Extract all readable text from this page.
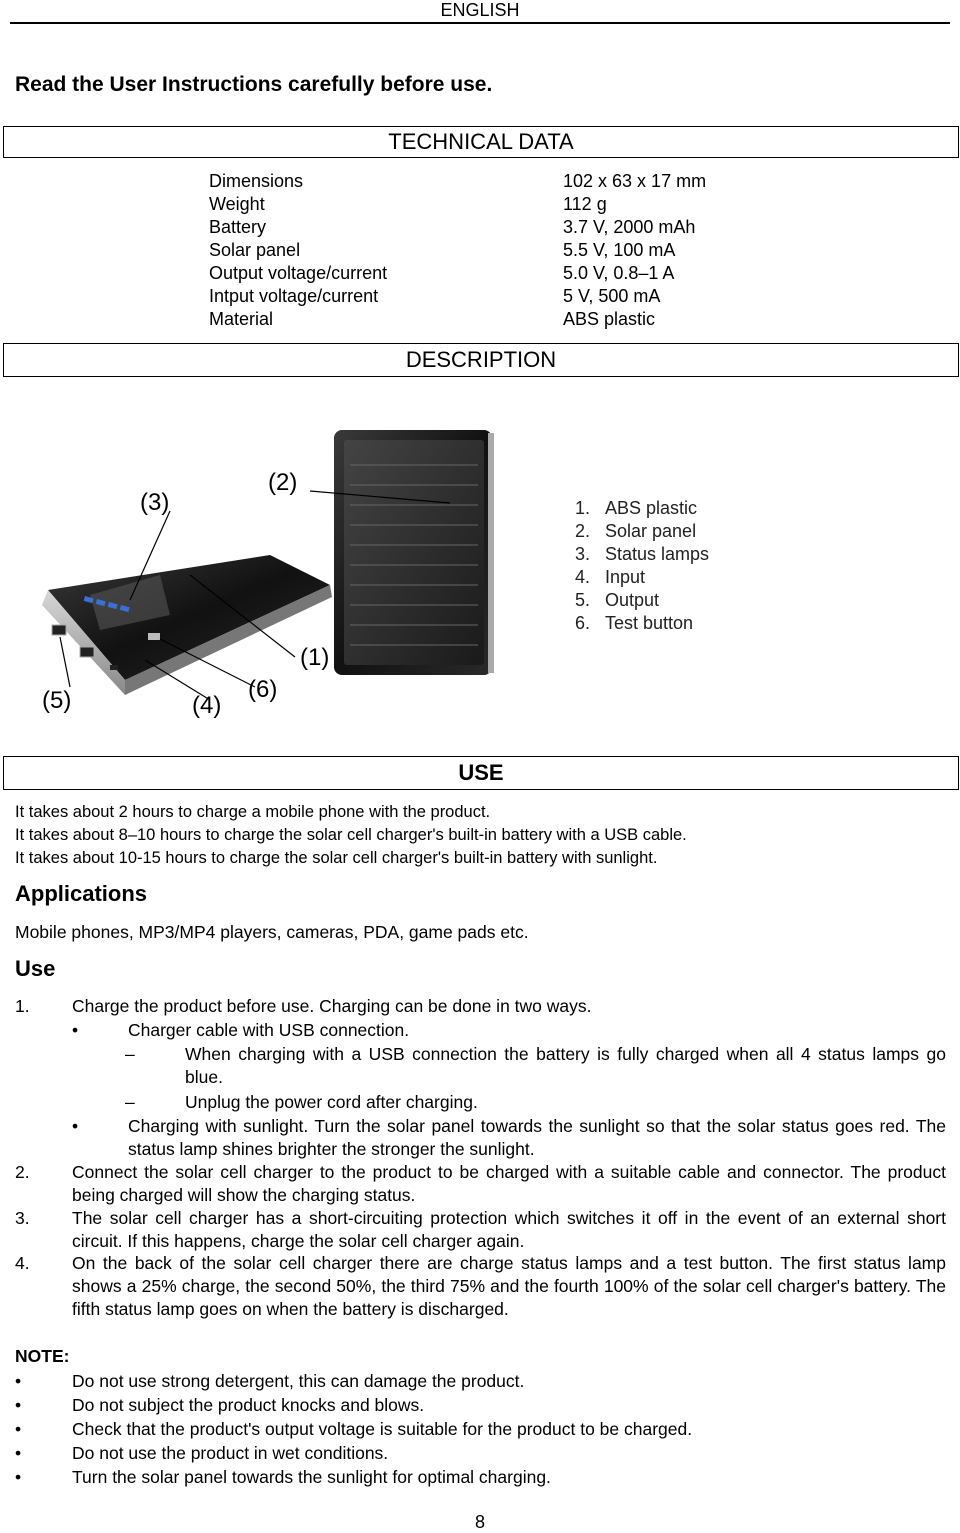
ENGLISH
Read the User Instructions carefully before use.
TECHNICAL DATA
Dimensions	102 x 63 x 17 mm
Weight	112 g
Battery	3.7 V, 2000 mAh
Solar panel	5.5 V, 100 mA
Output voltage/current	5.0 V, 0.8–1 A
Intput voltage/current	5 V, 500 mA
Material	ABS plastic
DESCRIPTION
(2)
(3)
(1)
(6)
(4)
(5)
1. ABS plastic
2. Solar panel
3. Status lamps
4. Input
5. Output
6. Test button
USE
It takes about 2 hours to charge a mobile phone with the product.
It takes about 8–10 hours to charge the solar cell charger's built-in battery with a USB cable.
It takes about 10-15 hours to charge the solar cell charger's built-in battery with sunlight.
Applications
Mobile phones, MP3/MP4 players, cameras, PDA, game pads etc.
Use
1. Charge the product before use. Charging can be done in two ways.
•	Charger cable with USB connection.
–	When charging with a USB connection the battery is fully charged when all 4 status lamps go blue.
–	Unplug the power cord after charging.
•	Charging with sunlight. Turn the solar panel towards the sunlight so that the solar status goes red. The status lamp shines brighter the stronger the sunlight.
2. Connect the solar cell charger to the product to be charged with a suitable cable and connector. The product being charged will show the charging status.
3. The solar cell charger has a short-circuiting protection which switches it off in the event of an external short circuit. If this happens, charge the solar cell charger again.
4. On the back of the solar cell charger there are charge status lamps and a test button. The first status lamp shows a 25% charge, the second 50%, the third 75% and the fourth 100% of the solar cell charger's battery. The fifth status lamp goes on when the battery is discharged.
NOTE:
•	Do not use strong detergent, this can damage the product.
•	Do not subject the product knocks and blows.
•	Check that the product's output voltage is suitable for the product to be charged.
•	Do not use the product in wet conditions.
•	Turn the solar panel towards the sunlight for optimal charging.
8
